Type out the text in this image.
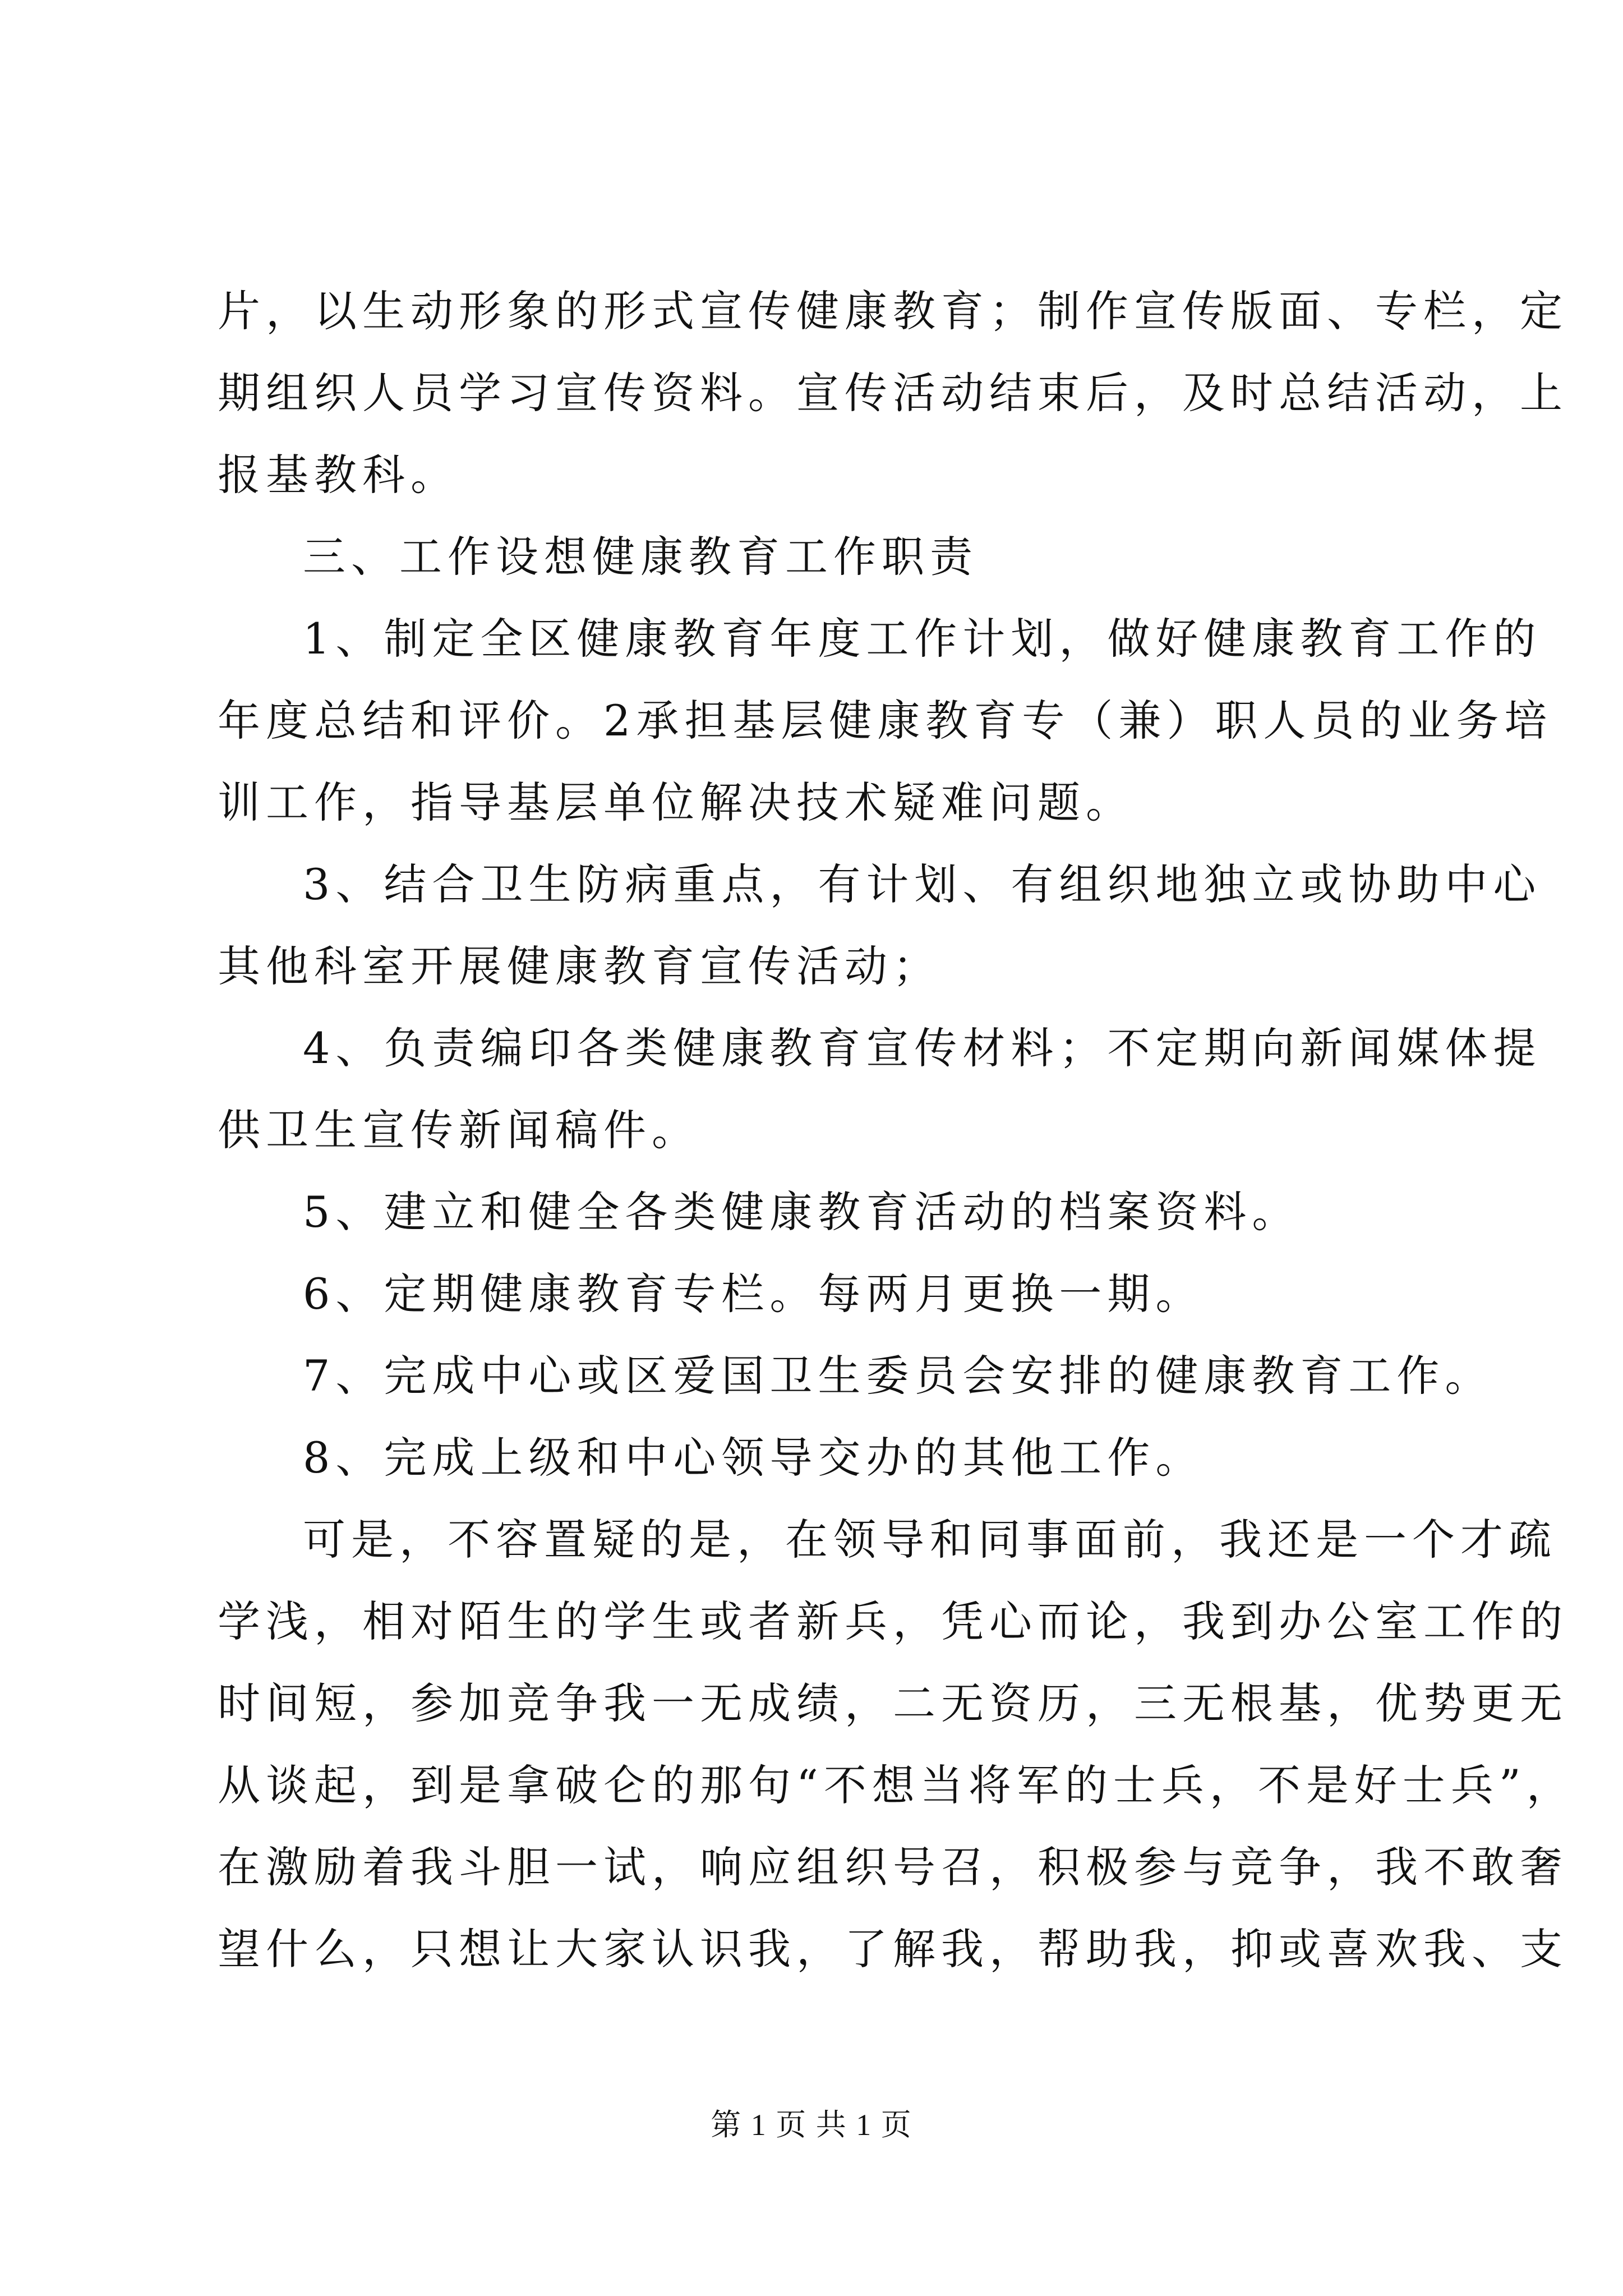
片，以生动形象的形式宣传健康教育；制作宣传版面、专栏，定
期组织人员学习宣传资料。宣传活动结束后，及时总结活动，上
报基教科。
三、工作设想健康教育工作职责
1、制定全区健康教育年度工作计划，做好健康教育工作的
年度总结和评价。2承担基层健康教育专（兼）职人员的业务培
训工作，指导基层单位解决技术疑难问题。
3、结合卫生防病重点，有计划、有组织地独立或协助中心
其他科室开展健康教育宣传活动；
4、负责编印各类健康教育宣传材料；不定期向新闻媒体提
供卫生宣传新闻稿件。
5、建立和健全各类健康教育活动的档案资料。
6、定期健康教育专栏。每两月更换一期。
7、完成中心或区爱国卫生委员会安排的健康教育工作。
8、完成上级和中心领导交办的其他工作。
可是，不容置疑的是，在领导和同事面前，我还是一个才疏
学浅，相对陌生的学生或者新兵，凭心而论，我到办公室工作的
时间短，参加竞争我一无成绩，二无资历，三无根基，优势更无
从谈起，到是拿破仑的那句“不想当将军的士兵，不是好士兵”，
在激励着我斗胆一试，响应组织号召，积极参与竞争，我不敢奢
望什么，只想让大家认识我，了解我，帮助我，抑或喜欢我、支
第 1 页 共 1 页
